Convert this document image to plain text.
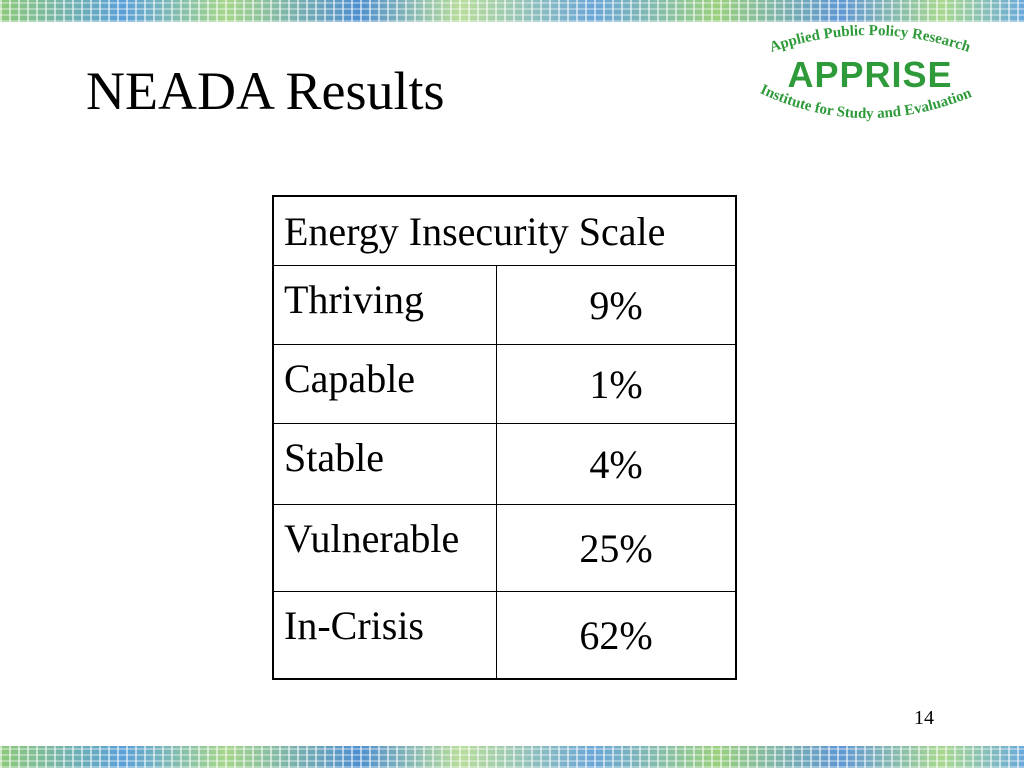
NEADA Results
Applied Public Policy Research
Institute for Study and Evaluation
APPRISE
Energy Insecurity Scale	
Thriving	9%
Capable	1%
Stable	4%
Vulnerable	25%
In-Crisis	62%
14
